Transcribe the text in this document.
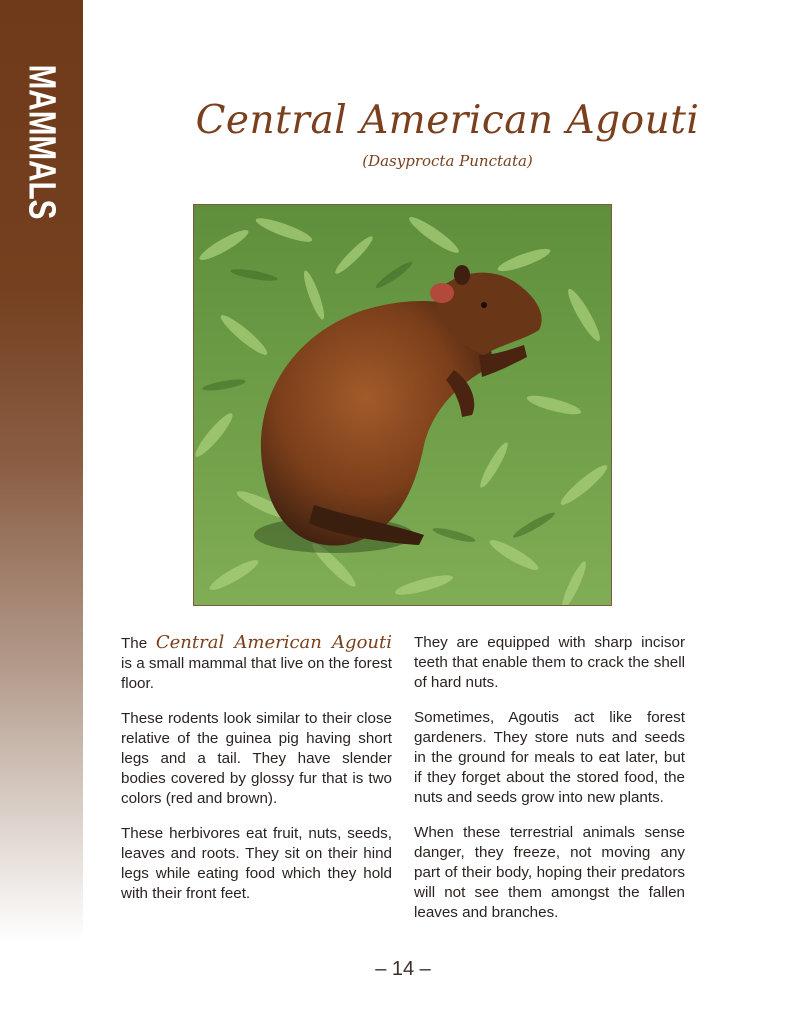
MAMMALS	Central American Agouti
(Dasyprocta Punctata)

The Central American Agouti is a small mammal that live on the forest floor.

These rodents look similar to their close relative of the guinea pig having short legs and a tail. They have slender bodies covered by glossy fur that is two colors (red and brown).

These herbivores eat fruit, nuts, seeds, leaves and roots. They sit on their hind legs while eating food which they hold with their front feet.

They are equipped with sharp incisor teeth that enable them to crack the shell of hard nuts.

Sometimes, Agoutis act like forest gardeners. They store nuts and seeds in the ground for meals to eat later, but if they forget about the stored food, the nuts and seeds grow into new plants.

When these terrestrial animals sense danger, they freeze, not moving any part of their body, hoping their predators will not see them amongst the fallen leaves and branches.

– 14 –
